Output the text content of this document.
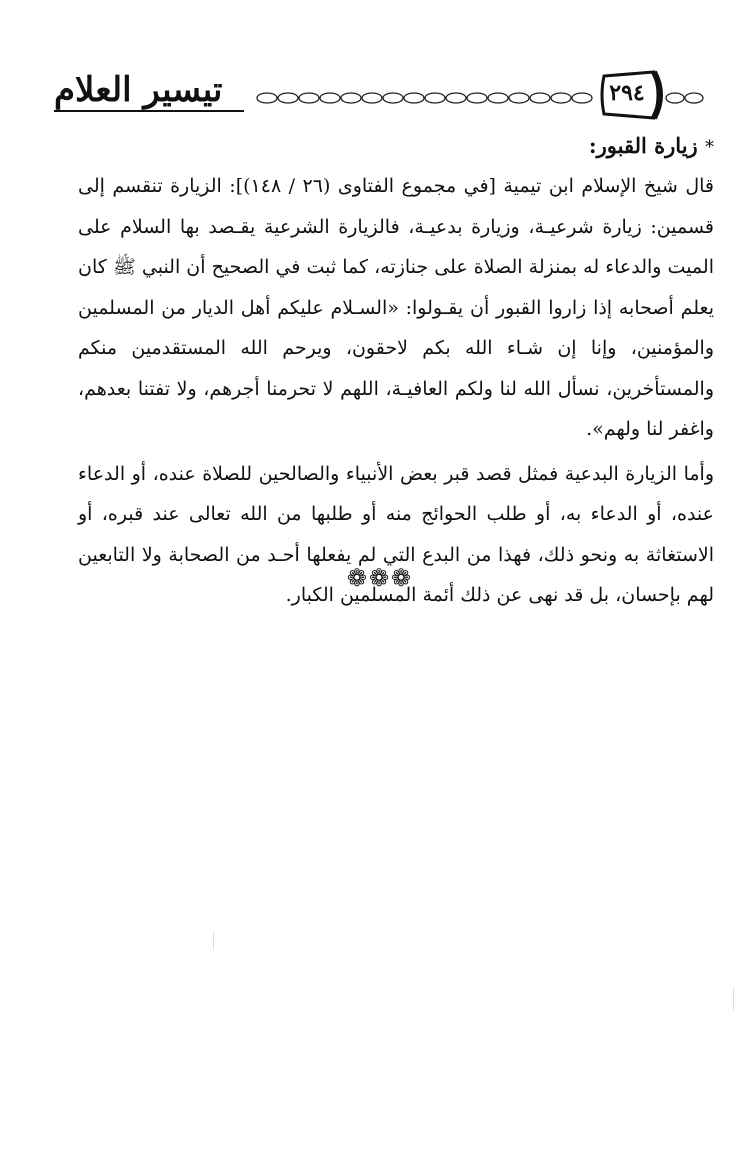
تيسير العلام	٢٩٤

* زيارة القبور:

قال شيخ الإسلام ابن تيمية [في مجموع الفتاوى (٢٦ / ١٤٨)]: الزيارة تنقسم إلى قسمين: زيارة شرعيـة، وزيارة بدعيـة، فالزيارة الشرعية يقـصد بها السلام على الميت والدعاء له بمنزلة الصلاة على جنازته، كما ثبت في الصحيح أن النبي ﷺ كان يعلم أصحابه إذا زاروا القبور أن يقـولوا: «السـلام عليكم أهل الديار من المسلمين والمؤمنين، وإنا إن شـاء الله بكم لاحقون، ويرحم الله المستقدمين منكم والمستأخرين، نسأل الله لنا ولكم العافيـة، اللهم لا تحرمنا أجرهم، ولا تفتنا بعدهم، واغفر لنا ولهم».

وأما الزيارة البدعية فمثل قصد قبر بعض الأنبياء والصالحين للصلاة عنده، أو الدعاء عنده، أو الدعاء به، أو طلب الحوائج منه أو طلبها من الله تعالى عند قبره، أو الاستغاثة به ونحو ذلك، فهذا من البدع التي لم يفعلها أحـد من الصحابة ولا التابعين لهم بإحسان، بل قد نهى عن ذلك أئمة المسلمين الكبار.

❁❁❁
